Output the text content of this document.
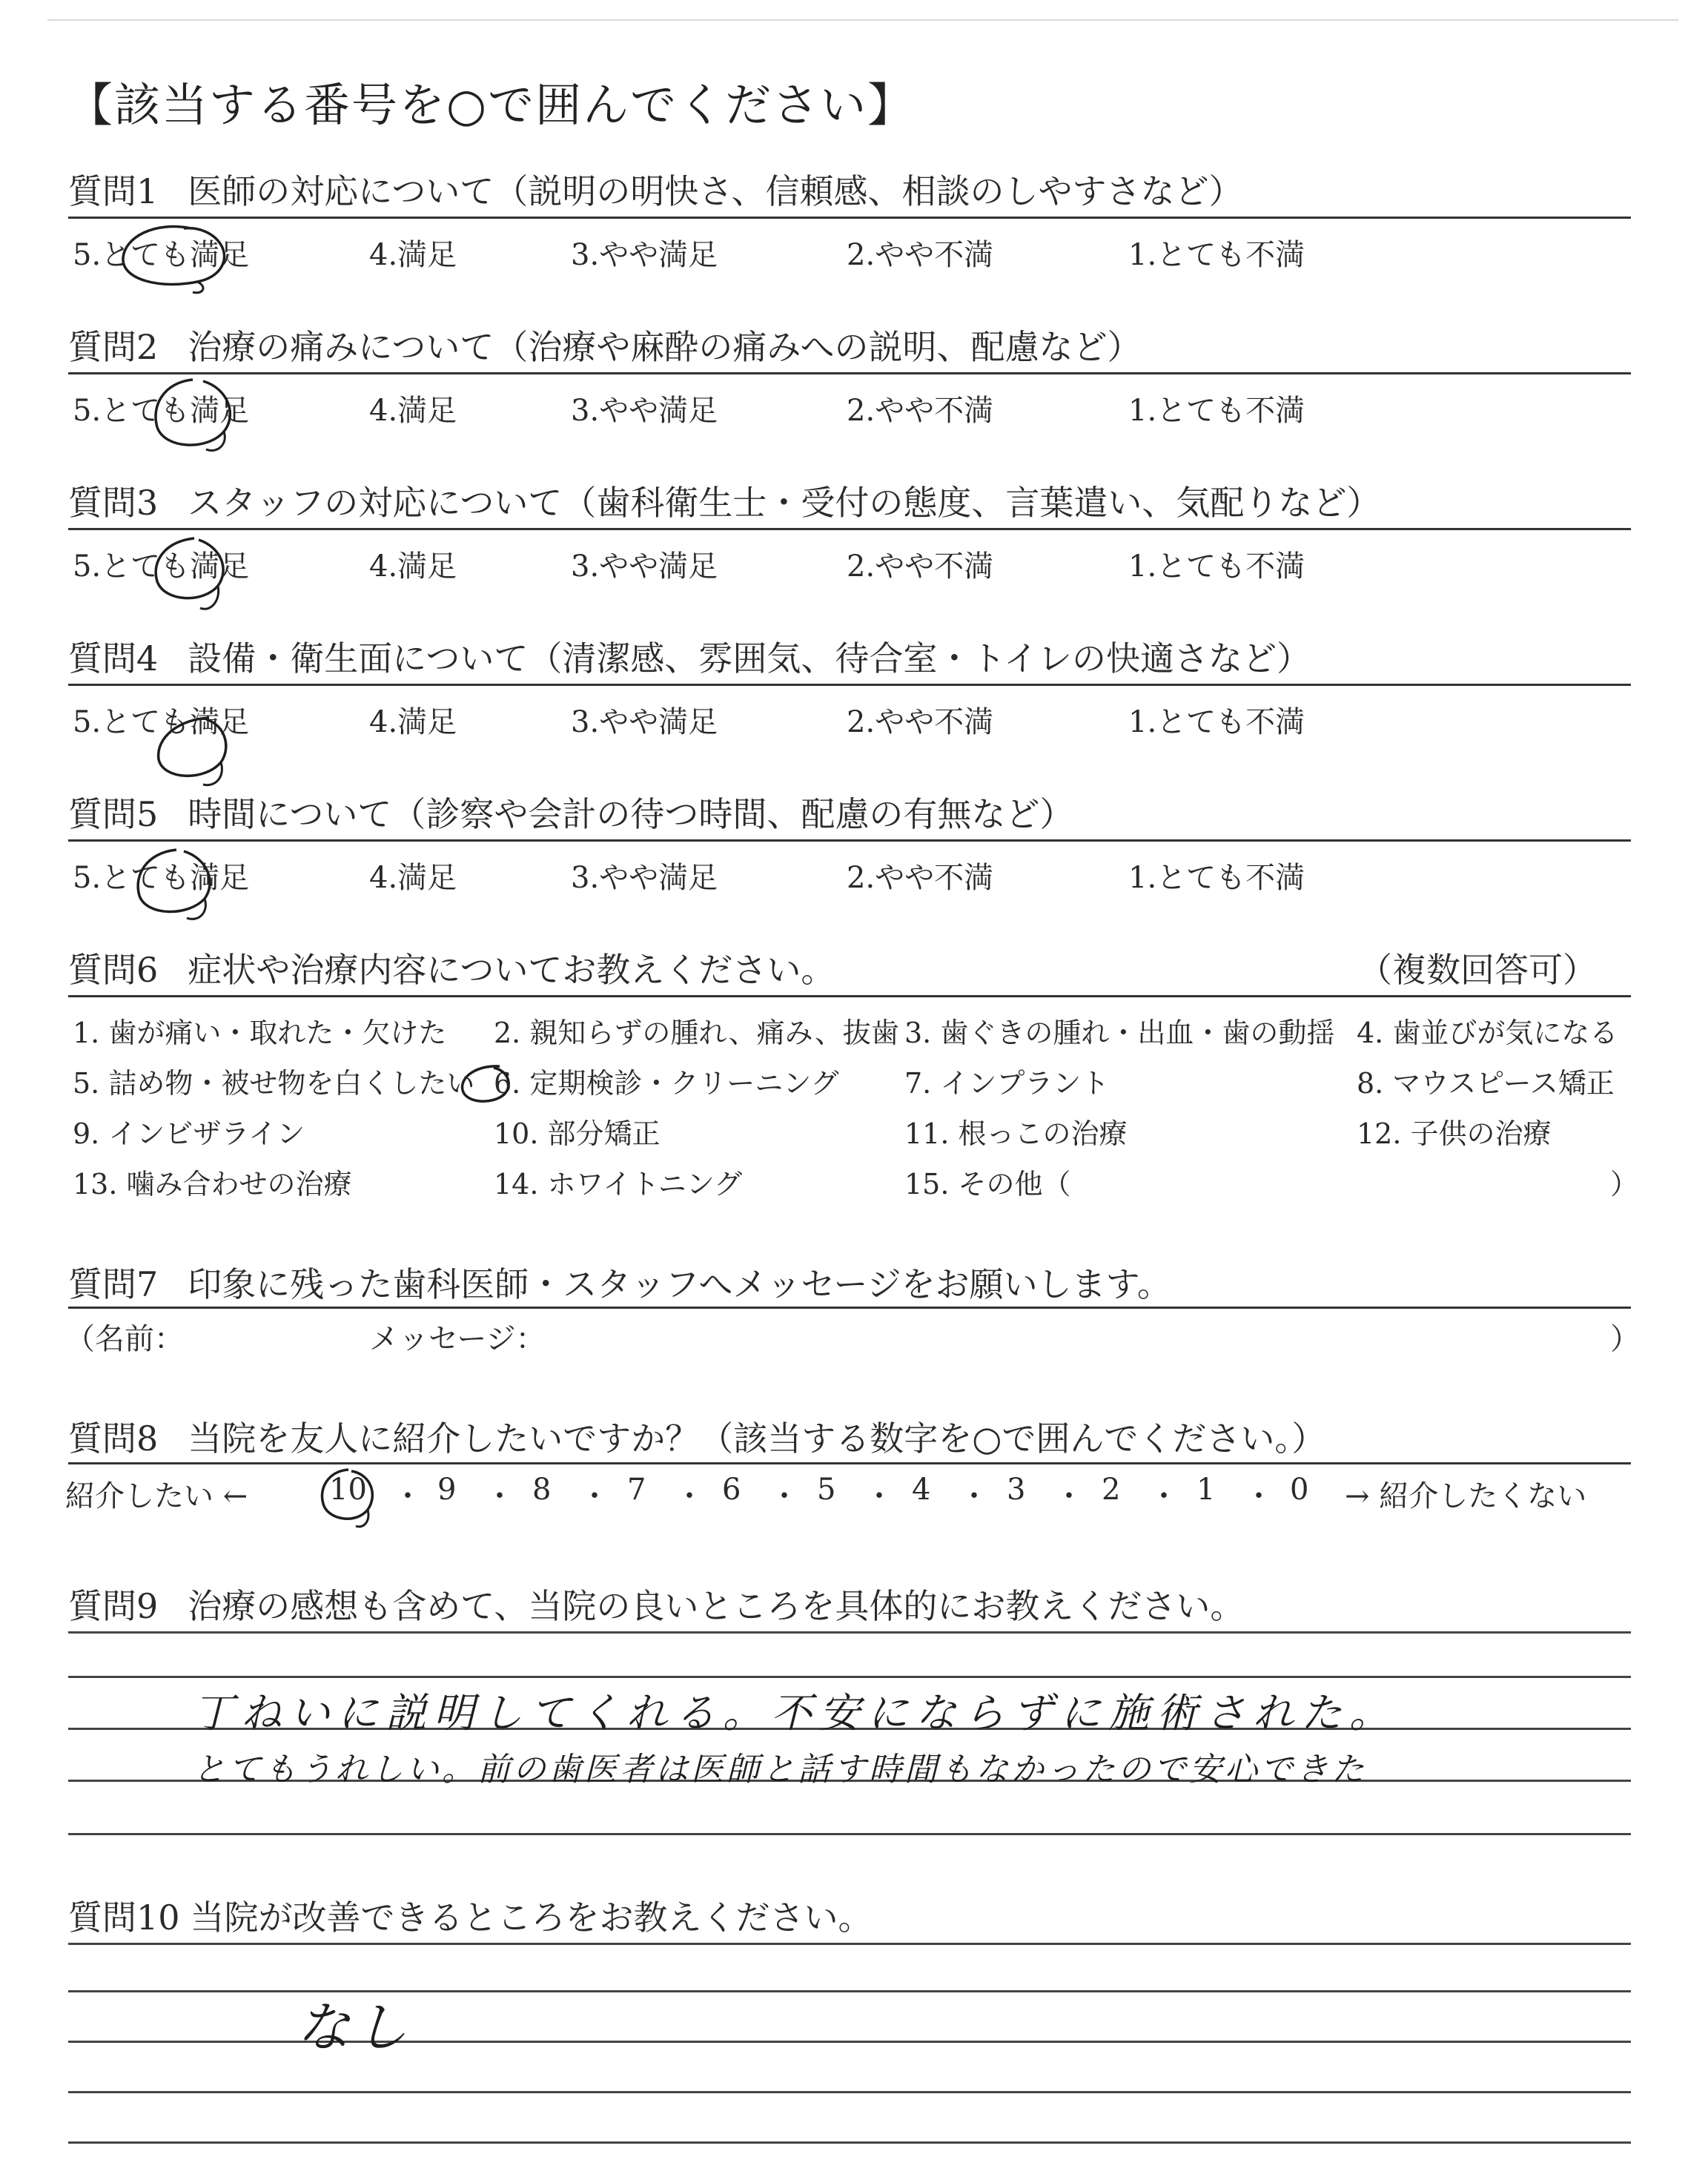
【該当する番号を○で囲んでください】
質問1 医師の対応について（説明の明快さ、信頼感、相談のしやすさなど）
5.とても満足	4.満足	3.やや満足	2.やや不満	1.とても不満
質問2 治療の痛みについて（治療や麻酔の痛みへの説明、配慮など）
5.とても満足	4.満足	3.やや満足	2.やや不満	1.とても不満
質問3 スタッフの対応について（歯科衛生士・受付の態度、言葉遣い、気配りなど）
5.とても満足	4.満足	3.やや満足	2.やや不満	1.とても不満
質問4 設備・衛生面について（清潔感、雰囲気、待合室・トイレの快適さなど）
5.とても満足	4.満足	3.やや満足	2.やや不満	1.とても不満
質問5 時間について（診察や会計の待つ時間、配慮の有無など）
5.とても満足	4.満足	3.やや満足	2.やや不満	1.とても不満
質問6 症状や治療内容についてお教えください。	（複数回答可）
1. 歯が痛い・取れた・欠けた 2. 親知らずの腫れ、痛み、抜歯 3. 歯ぐきの腫れ・出血・歯の動揺 4. 歯並びが気になる
5. 詰め物・被せ物を白くしたい 6. 定期検診・クリーニング 7. インプラント	8. マウスピース矯正
9. インビザライン	10. 部分矯正	11. 根っこの治療	12. 子供の治療
13. 噛み合わせの治療	14. ホワイトニング	15. その他（	）
質問7 印象に残った歯科医師・スタッフへメッセージをお願いします。
（名前：	メッセージ：	）
質問8 当院を友人に紹介したいですか？（該当する数字を○で囲んでください。）
紹介したい ←	10 ・ 9 ・ 8 ・ 7 ・ 6 ・ 5 ・ 4 ・ 3 ・ 2 ・ 1 ・ 0 → 紹介したくない
質問9 治療の感想も含めて、当院の良いところを具体的にお教えください。
丁ねいに説明してくれる。不安にならずに施術された。
とてもうれしい。前の歯医者は医師と話す時間もなかったので安心できた
質問10 当院が改善できるところをお教えください。
なし
